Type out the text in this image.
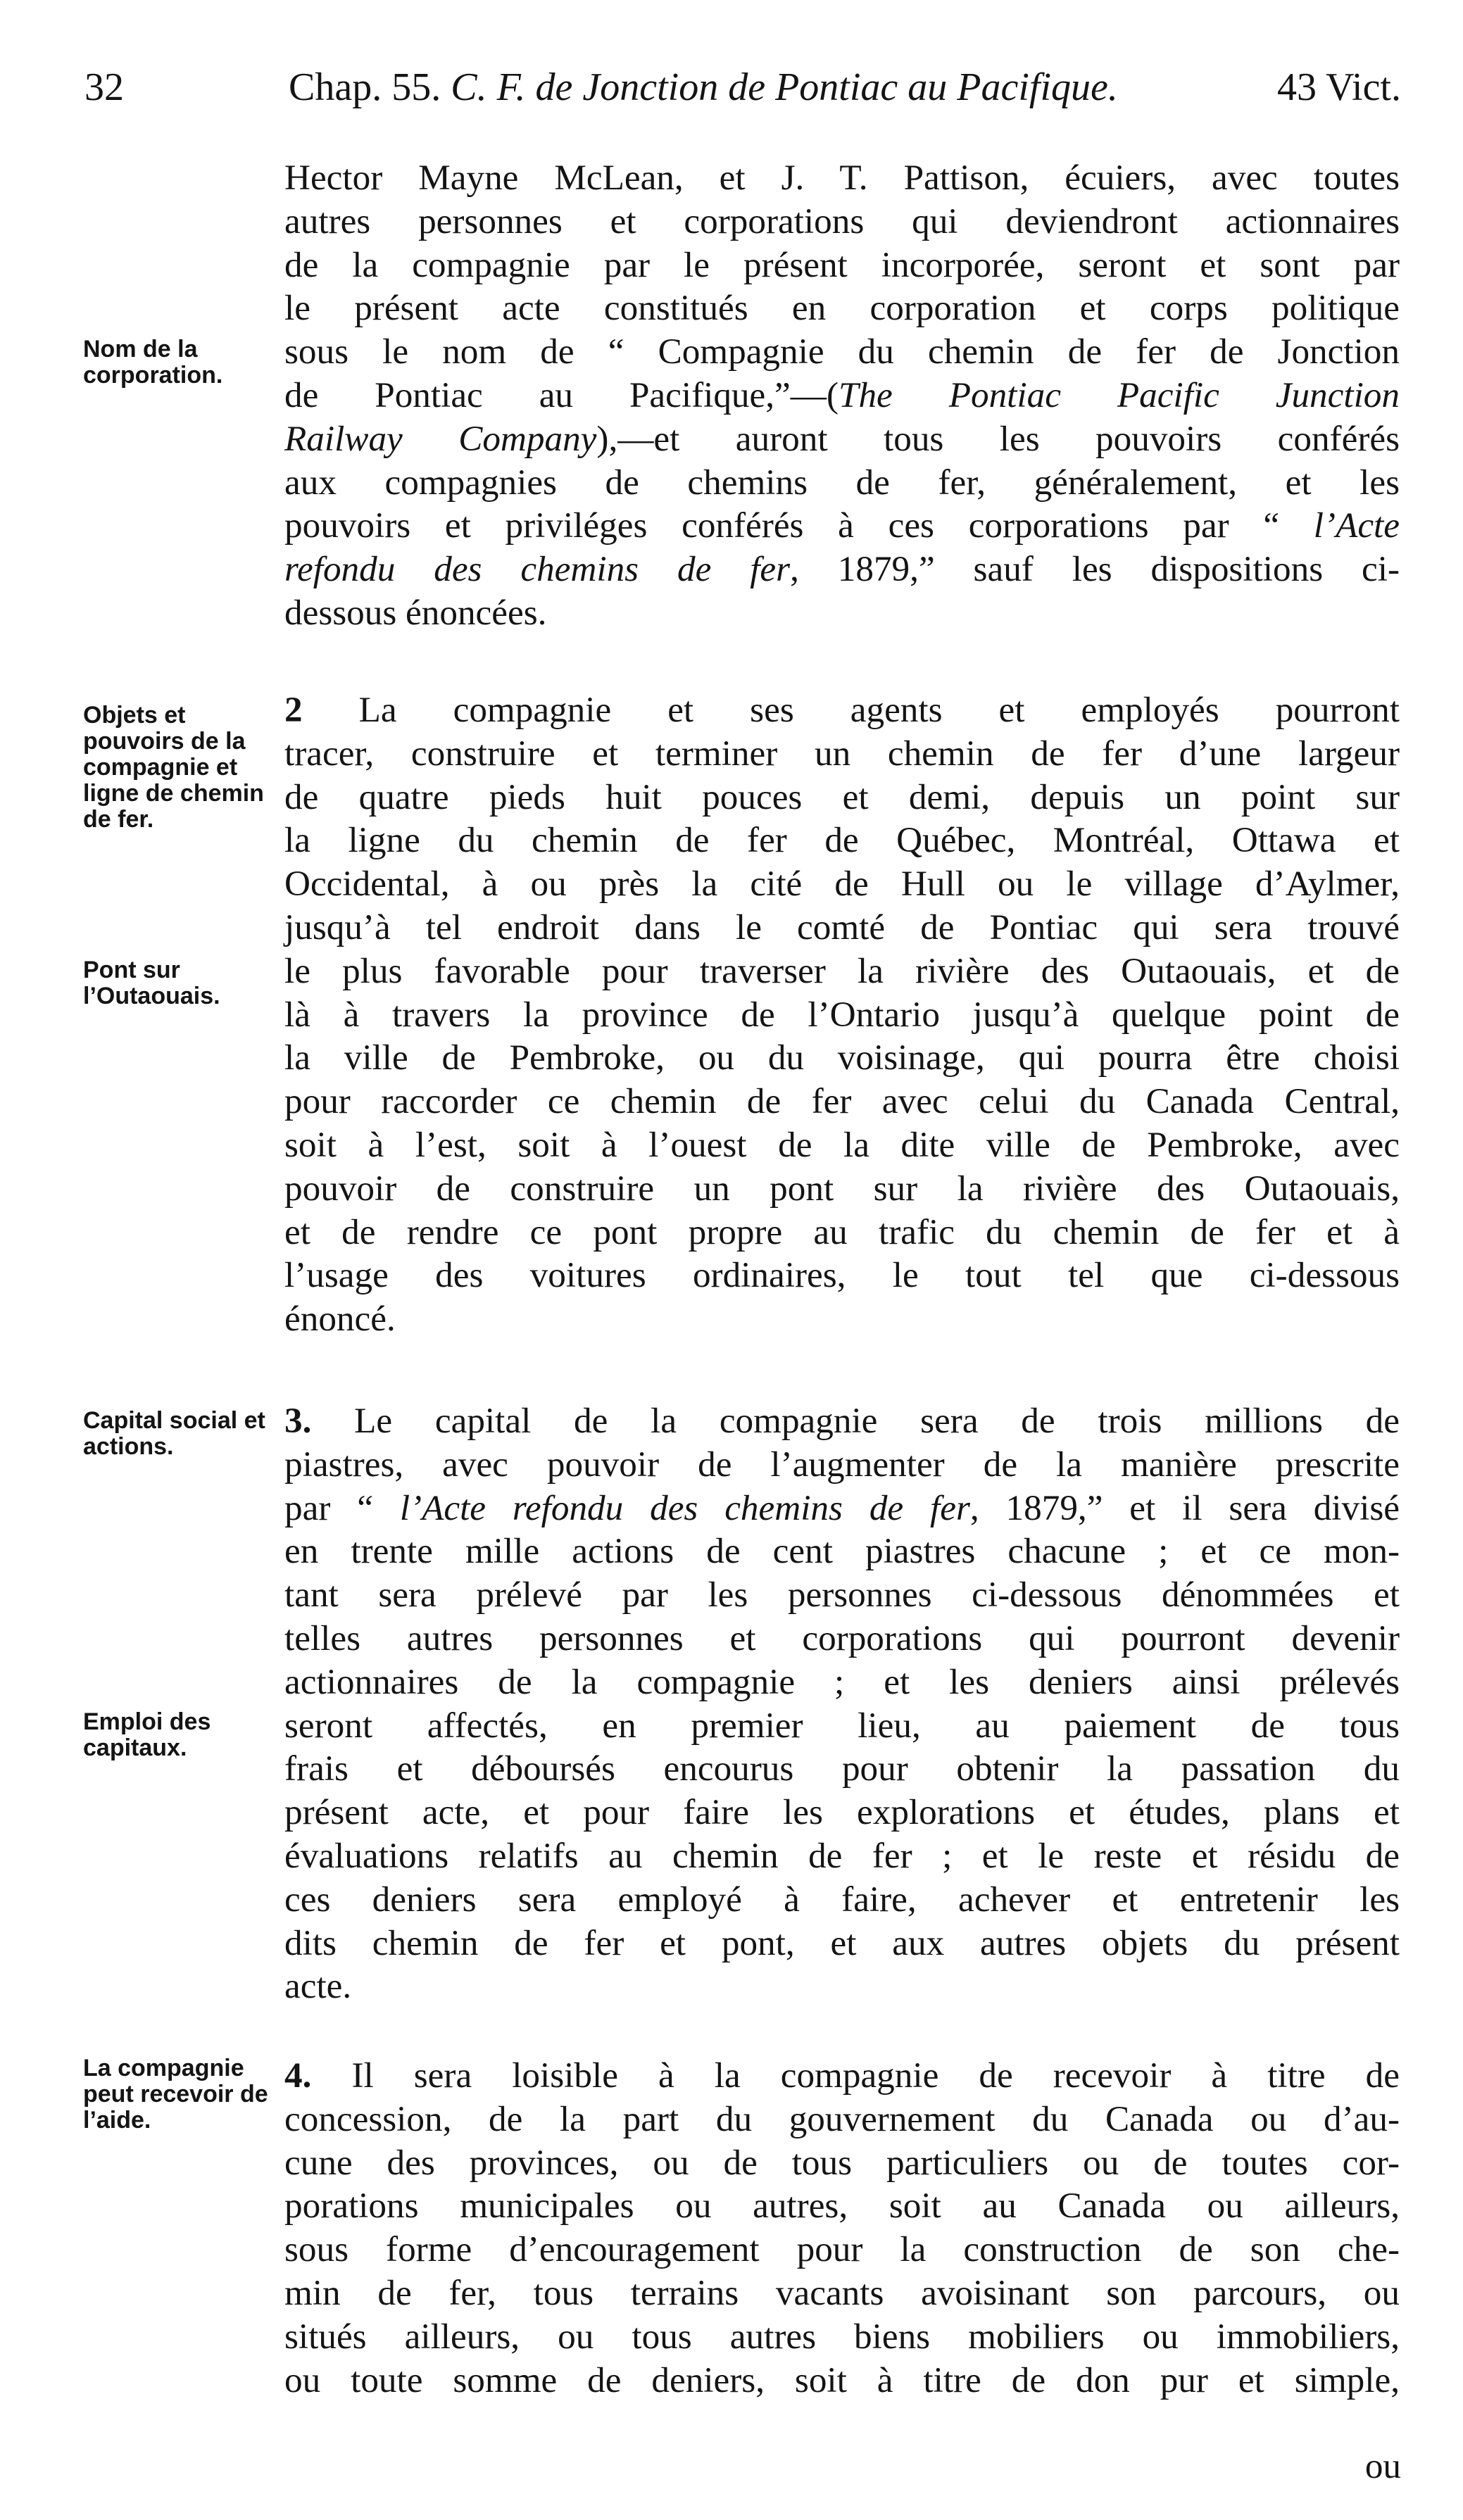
32	Chap. 55. C. F. de Jonction de Pontiac au Pacifique.	43 Vict.
Nom de la corporation.
Objets et pouvoirs de la compagnie et ligne de chemin de fer.
Pont sur l’Outaouais.
Capital social et actions.
Emploi des capitaux.
La compagnie peut recevoir de l’aide.
Hector Mayne McLean, et J. T. Pattison, écuiers, avec toutes
autres personnes et corporations qui deviendront actionnaires
de la compagnie par le présent incorporée, seront et sont par
le présent acte constitués en corporation et corps politique
sous le nom de “ Compagnie du chemin de fer de Jonction
de Pontiac au Pacifique,”—(The Pontiac Pacific Junction
Railway Company),—et auront tous les pouvoirs conférés
aux compagnies de chemins de fer, généralement, et les
pouvoirs et priviléges conférés à ces corporations par “ l’Acte
refondu des chemins de fer, 1879,” sauf les dispositions ci-
dessous énoncées.
2 La compagnie et ses agents et employés pourront
tracer, construire et terminer un chemin de fer d’une largeur
de quatre pieds huit pouces et demi, depuis un point sur
la ligne du chemin de fer de Québec, Montréal, Ottawa et
Occidental, à ou près la cité de Hull ou le village d’Aylmer,
jusqu’à tel endroit dans le comté de Pontiac qui sera trouvé
le plus favorable pour traverser la rivière des Outaouais, et de
là à travers la province de l’Ontario jusqu’à quelque point de
la ville de Pembroke, ou du voisinage, qui pourra être choisi
pour raccorder ce chemin de fer avec celui du Canada Central,
soit à l’est, soit à l’ouest de la dite ville de Pembroke, avec
pouvoir de construire un pont sur la rivière des Outaouais,
et de rendre ce pont propre au trafic du chemin de fer et à
l’usage des voitures ordinaires, le tout tel que ci-dessous
énoncé.
3. Le capital de la compagnie sera de trois millions de
piastres, avec pouvoir de l’augmenter de la manière prescrite
par “ l’Acte refondu des chemins de fer, 1879,” et il sera divisé
en trente mille actions de cent piastres chacune ; et ce mon-
tant sera prélevé par les personnes ci-dessous dénommées et
telles autres personnes et corporations qui pourront devenir
actionnaires de la compagnie ; et les deniers ainsi prélevés
seront affectés, en premier lieu, au paiement de tous
frais et déboursés encourus pour obtenir la passation du
présent acte, et pour faire les explorations et études, plans et
évaluations relatifs au chemin de fer ; et le reste et résidu de
ces deniers sera employé à faire, achever et entretenir les
dits chemin de fer et pont, et aux autres objets du présent
acte.
4. Il sera loisible à la compagnie de recevoir à titre de
concession, de la part du gouvernement du Canada ou d’au-
cune des provinces, ou de tous particuliers ou de toutes cor-
porations municipales ou autres, soit au Canada ou ailleurs,
sous forme d’encouragement pour la construction de son che-
min de fer, tous terrains vacants avoisinant son parcours, ou
situés ailleurs, ou tous autres biens mobiliers ou immobiliers,
ou toute somme de deniers, soit à titre de don pur et simple,
ou
